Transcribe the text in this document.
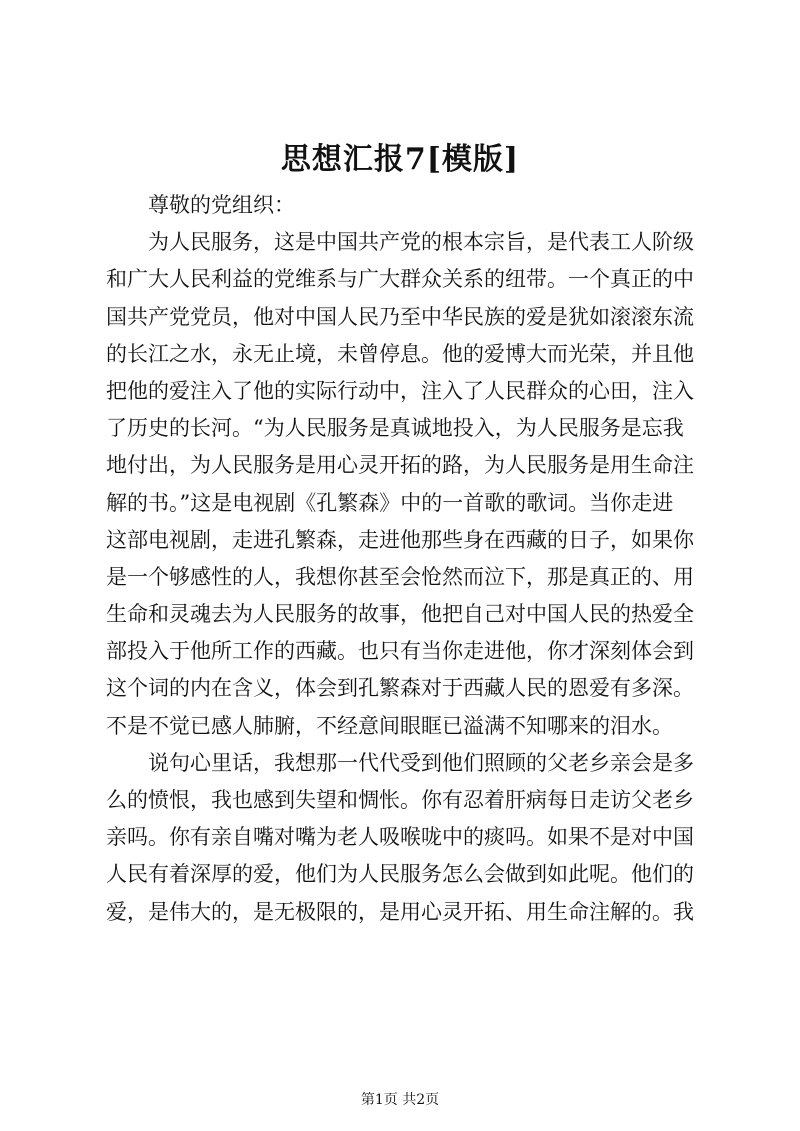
思想汇报7[模版]
尊敬的党组织：
为人民服务，这是中国共产党的根本宗旨，是代表工人阶级
和广大人民利益的党维系与广大群众关系的纽带。一个真正的中
国共产党党员，他对中国人民乃至中华民族的爱是犹如滚滚东流
的长江之水，永无止境，未曾停息。他的爱博大而光荣，并且他
把他的爱注入了他的实际行动中，注入了人民群众的心田，注入
了历史的长河。“为人民服务是真诚地投入，为人民服务是忘我
地付出，为人民服务是用心灵开拓的路，为人民服务是用生命注
解的书。”这是电视剧《孔繁森》中的一首歌的歌词。当你走进
这部电视剧，走进孔繁森，走进他那些身在西藏的日子，如果你
是一个够感性的人，我想你甚至会怆然而泣下，那是真正的、用
生命和灵魂去为人民服务的故事，他把自己对中国人民的热爱全
部投入于他所工作的西藏。也只有当你走进他，你才深刻体会到
这个词的内在含义，体会到孔繁森对于西藏人民的恩爱有多深。
不是不觉已感人肺腑，不经意间眼眶已溢满不知哪来的泪水。
说句心里话，我想那一代代受到他们照顾的父老乡亲会是多
么的愤恨，我也感到失望和惆怅。你有忍着肝病每日走访父老乡
亲吗。你有亲自嘴对嘴为老人吸喉咙中的痰吗。如果不是对中国
人民有着深厚的爱，他们为人民服务怎么会做到如此呢。他们的
爱，是伟大的，是无极限的，是用心灵开拓、用生命注解的。我
第1页 共2页
